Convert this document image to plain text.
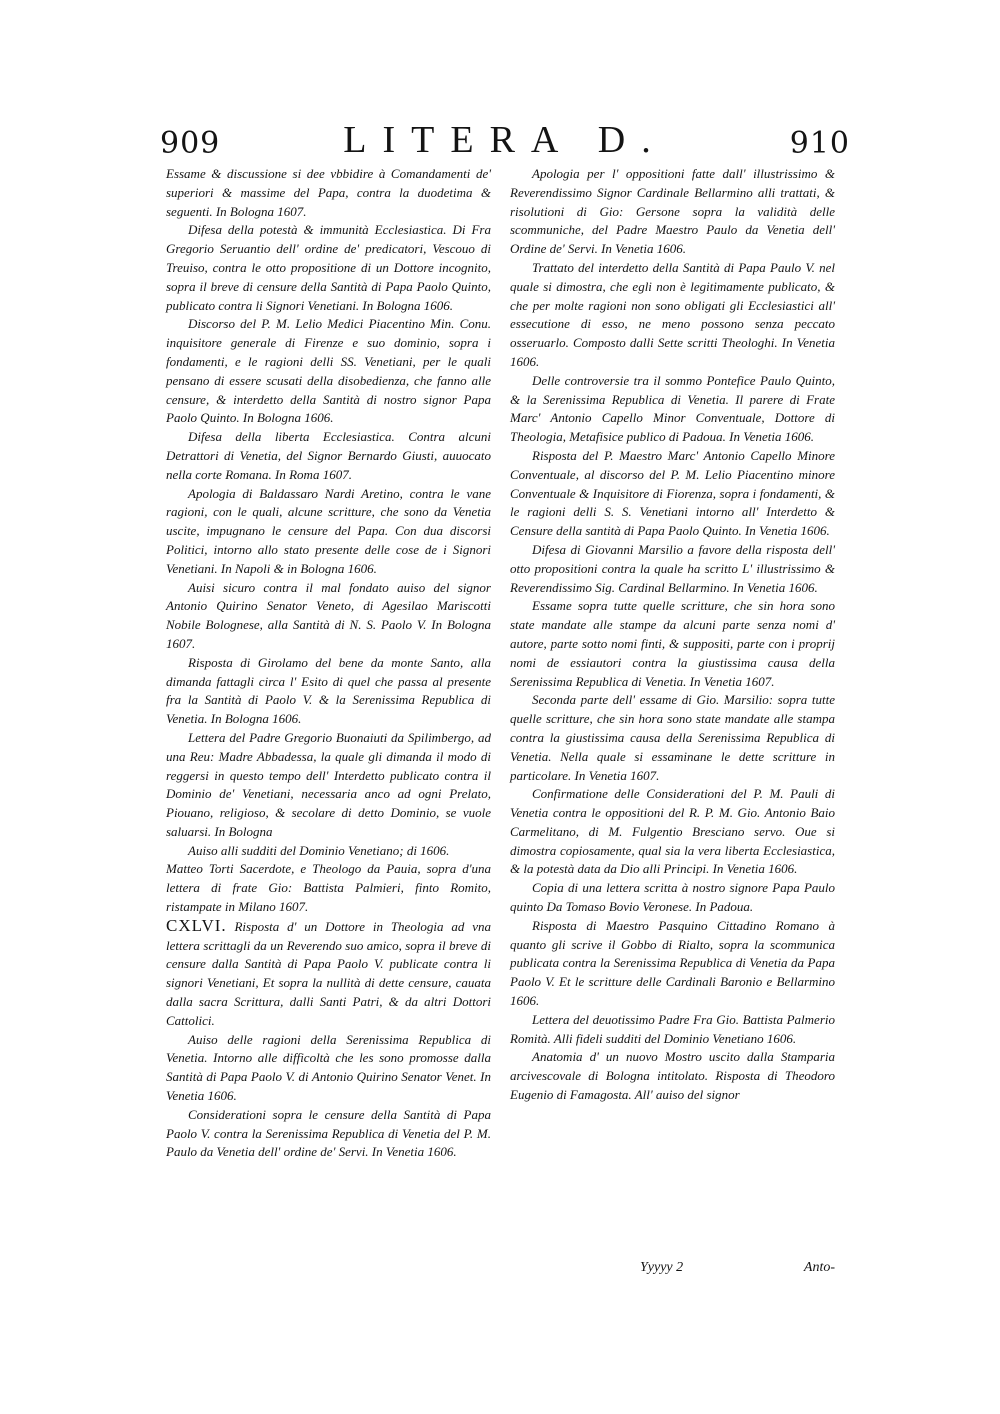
909	LITERA D.	910

Essame & discussione si dee vbbidire à Comandamenti de' superiori & massime del Papa, contra la duodetima & seguenti. In Bologna 1607.

Difesa della potestà & immunità Ecclesiastica. Di Fra Gregorio Seruantio dell' ordine de' predicatori, Vescouo di Treuiso, contra le otto propositione di un Dottore incognito, sopra il breve di censure della Santità di Papa Paolo Quinto, publicato contra li Signori Venetiani. In Bologna 1606.

Discorso del P. M. Lelio Medici Piacentino Min. Conu. inquisitore generale di Firenze e suo dominio, sopra i fondamenti, e le ragioni delli SS. Venetiani, per le quali pensano di essere scusati della disobedienza, che fanno alle censure, & interdetto della Santità di nostro signor Papa Paolo Quinto. In Bologna 1606.

Difesa della liberta Ecclesiastica. Contra alcuni Detrattori di Venetia, del Signor Bernardo Giusti, auuocato nella corte Romana. In Roma 1607.

Apologia di Baldassaro Nardi Aretino, contra le vane ragioni, con le quali, alcune scritture, che sono da Venetia uscite, impugnano le censure del Papa. Con dua discorsi Politici, intorno allo stato presente delle cose de i Signori Venetiani. In Napoli & in Bologna 1606.

Auisi sicuro contra il mal fondato auiso del signor Antonio Quirino Senator Veneto, di Agesilao Mariscotti Nobile Bolognese, alla Santità di N. S. Paolo V. In Bologna 1607.

Risposta di Girolamo del bene da monte Santo, alla dimanda fattagli circa l' Esito di quel che passa al presente fra la Santità di Paolo V. & la Serenissima Republica di Venetia. In Bologna 1606.

Lettera del Padre Gregorio Buonaiuti da Spilimbergo, ad una Reu: Madre Abbadessa, la quale gli dimanda il modo di reggersi in questo tempo dell' Interdetto publicato contra il Dominio de' Venetiani, necessaria anco ad ogni Prelato, Piouano, religioso, & secolare di detto Dominio, se vuole saluarsi. In Bologna

Auiso alli sudditi del Dominio Venetiano; di 1606.

Matteo Torti Sacerdote, e Theologo da Pauia, sopra d'una lettera di frate Gio: Battista Palmieri, finto Romito, ristampate in Milano 1607.

CXLVI. Risposta d' un Dottore in Theologia ad vna lettera scrittagli da un Reverendo suo amico, sopra il breve di censure dalla Santità di Papa Paolo V. publicate contra li signori Venetiani, Et sopra la nullità di dette censure, cauata dalla sacra Scrittura, dalli Santi Patri, & da altri Dottori Cattolici.

Auiso delle ragioni della Serenissima Republica di Venetia. Intorno alle difficoltà che les sono promosse dalla Santità di Papa Paolo V. di Antonio Quirino Senator Venet. In Venetia 1606.

Considerationi sopra le censure della Santità di Papa Paolo V. contra la Serenissima Republica di Venetia del P. M. Paulo da Venetia dell' ordine de' Servi. In Venetia 1606.

Apologia per l' oppositioni fatte dall' illustrissimo & Reverendissimo Signor Cardinale Bellarmino alli trattati, & risolutioni di Gio: Gersone sopra la validità delle scommuniche, del Padre Maestro Paulo da Venetia dell' Ordine de' Servi. In Venetia 1606.

Trattato del interdetto della Santità di Papa Paulo V. nel quale si dimostra, che egli non è legitimamente publicato, & che per molte ragioni non sono obligati gli Ecclesiastici all' essecutione di esso, ne meno possono senza peccato osseruarlo. Composto dalli Sette scritti Theologhi. In Venetia 1606.

Delle controversie tra il sommo Pontefice Paulo Quinto, & la Serenissima Republica di Venetia. Il parere di Frate Marc' Antonio Capello Minor Conventuale, Dottore di Theologia, Metafisice publico di Padoua. In Venetia 1606.

Risposta del P. Maestro Marc' Antonio Capello Minore Conventuale, al discorso del P. M. Lelio Piacentino minore Conventuale & Inquisitore di Fiorenza, sopra i fondamenti, & le ragioni delli S. S. Venetiani intorno all' Interdetto & Censure della santità di Papa Paolo Quinto. In Venetia 1606.

Difesa di Giovanni Marsilio a favore della risposta dell' otto propositioni contra la quale ha scritto L' illustrissimo & Reverendissimo Sig. Cardinal Bellarmino. In Venetia 1606.

Essame sopra tutte quelle scritture, che sin hora sono state mandate alle stampe da alcuni parte senza nomi d' autore, parte sotto nomi finti, & suppositi, parte con i proprij nomi de essiautori contra la giustissima causa della Serenissima Republica di Venetia. In Venetia 1607.

Seconda parte dell' essame di Gio. Marsilio: sopra tutte quelle scritture, che sin hora sono state mandate alle stampa contra la giustissima causa della Serenissima Republica di Venetia. Nella quale si essaminane le dette scritture in particolare. In Venetia 1607.

Confirmatione delle Considerationi del P. M. Pauli di Venetia contra le oppositioni del R. P. M. Gio. Antonio Baio Carmelitano, di M. Fulgentio Bresciano servo. Oue si dimostra copiosamente, qual sia la vera liberta Ecclesiastica, & la potestà data da Dio alli Principi. In Venetia 1606.

Copia di una lettera scritta à nostro signore Papa Paulo quinto Da Tomaso Bovio Veronese. In Padoua.

Risposta di Maestro Pasquino Cittadino Romano à quanto gli scrive il Gobbo di Rialto, sopra la scommunica publicata contra la Serenissima Republica di Venetia da Papa Paolo V. Et le scritture delle Cardinali Baronio e Bellarmino 1606.

Lettera del deuotissimo Padre Fra Gio. Battista Palmerio Romità. Alli fideli sudditi del Dominio Venetiano 1606.

Anatomia d' un nuovo Mostro uscito dalla Stamparia arcivescovale di Bologna intitolato. Risposta di Theodoro Eugenio di Famagosta. All' auiso del signor

Yyyyy 2	Anto-
